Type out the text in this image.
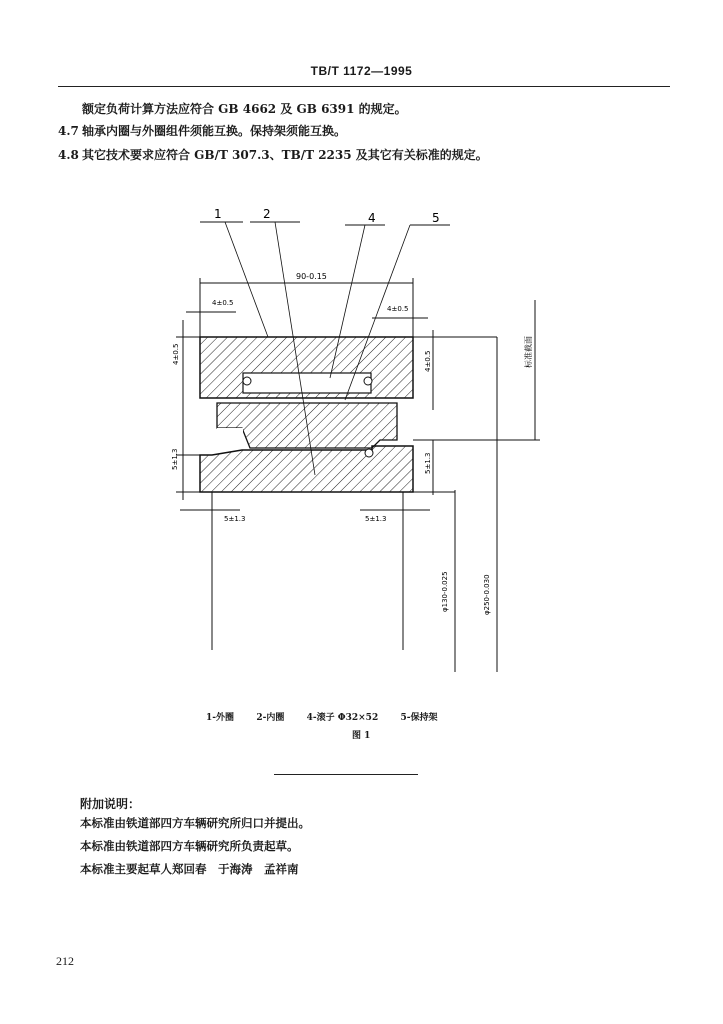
TB/T 1172—1995
额定负荷计算方法应符合 GB 4662 及 GB 6391 的规定。
4.7 轴承内圈与外圈组件须能互换。保持架须能互换。
4.8 其它技术要求应符合 GB/T 307.3、TB/T 2235 及其它有关标准的规定。
90-0.15
4±0.5
4±0.5
4±0.5
5±1.3
4±0.5
5±1.3
标准截面
5±1.3	5±1.3
φ130-0.025	φ250-0.030
1	2	4	5
1-外圈 2-内圈 4-滚子 Φ32×52 5-保持架
图 1
附加说明：
本标准由铁道部四方车辆研究所归口并提出。
本标准由铁道部四方车辆研究所负责起草。
本标准主要起草人郑回春　于海涛　孟祥南
212
